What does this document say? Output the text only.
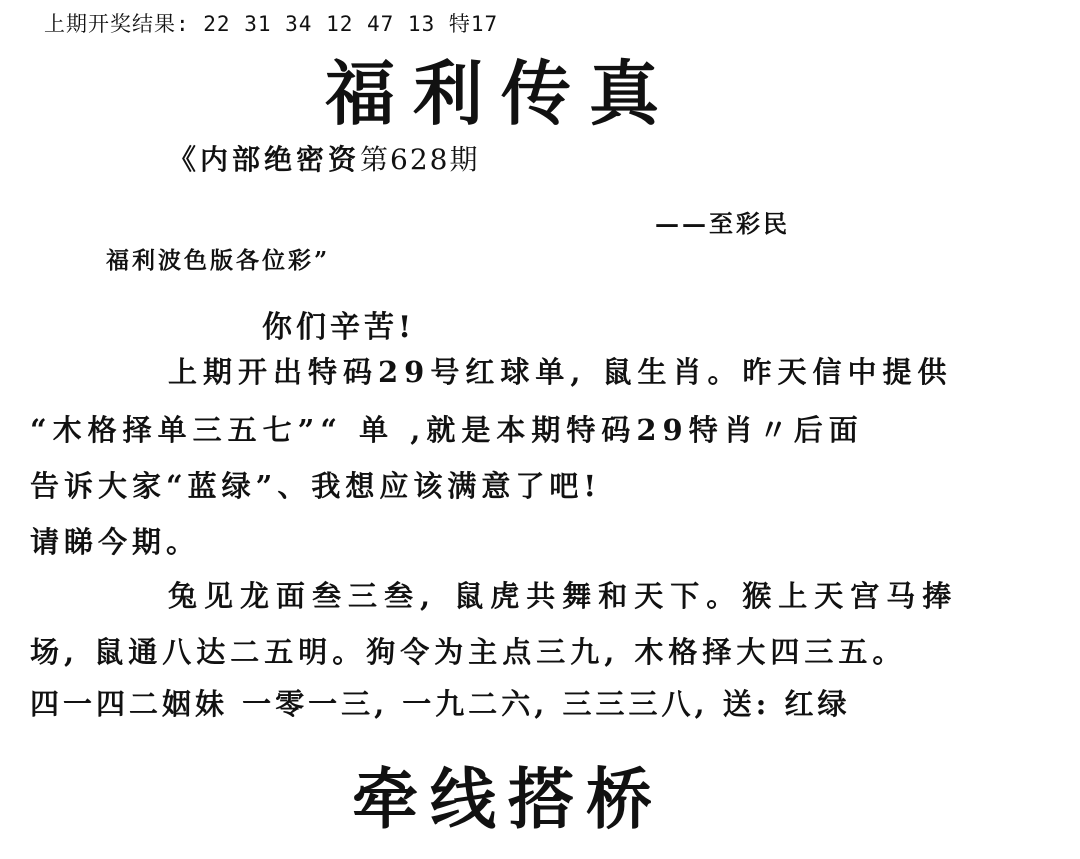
上期开奖结果: 22 31 34 12 47 13 特17
福利传真
《内部绝密资第628期
——至彩民
福利波色版各位彩”
你们辛苦!
上期开出特码29号红球单, 鼠生肖。昨天信中提供
“木格择单三五七”“ 单 ,就是本期特码29特肖〃后面
告诉大家“蓝绿”、我想应该满意了吧!
请睇今期。
兔见龙面叁三叁, 鼠虎共舞和天下。猴上天宫马捧
场, 鼠通八达二五明。狗令为主点三九, 木格择大四三五。
四一四二姻妹 一零一三, 一九二六, 三三三八, 送: 红绿
牵线搭桥
